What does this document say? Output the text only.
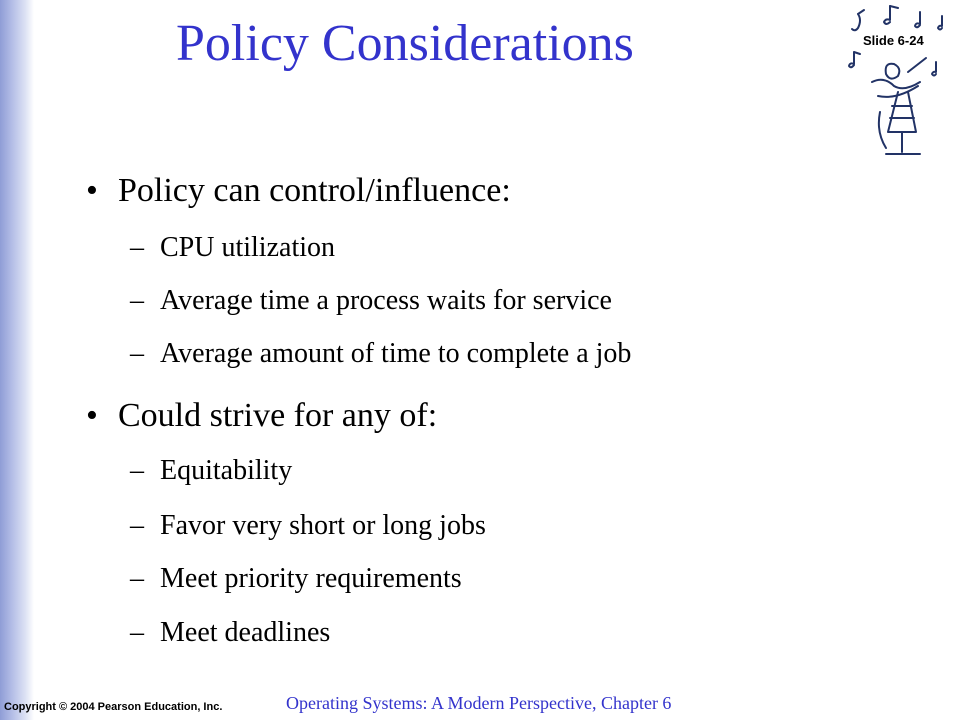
Policy Considerations	Slide 6-24
• Policy can control/influence:
– CPU utilization
– Average time a process waits for service
– Average amount of time to complete a job
• Could strive for any of:
– Equitability
– Favor very short or long jobs
– Meet priority requirements
– Meet deadlines
Copyright © 2004 Pearson Education, Inc.	Operating Systems: A Modern Perspective, Chapter 6
